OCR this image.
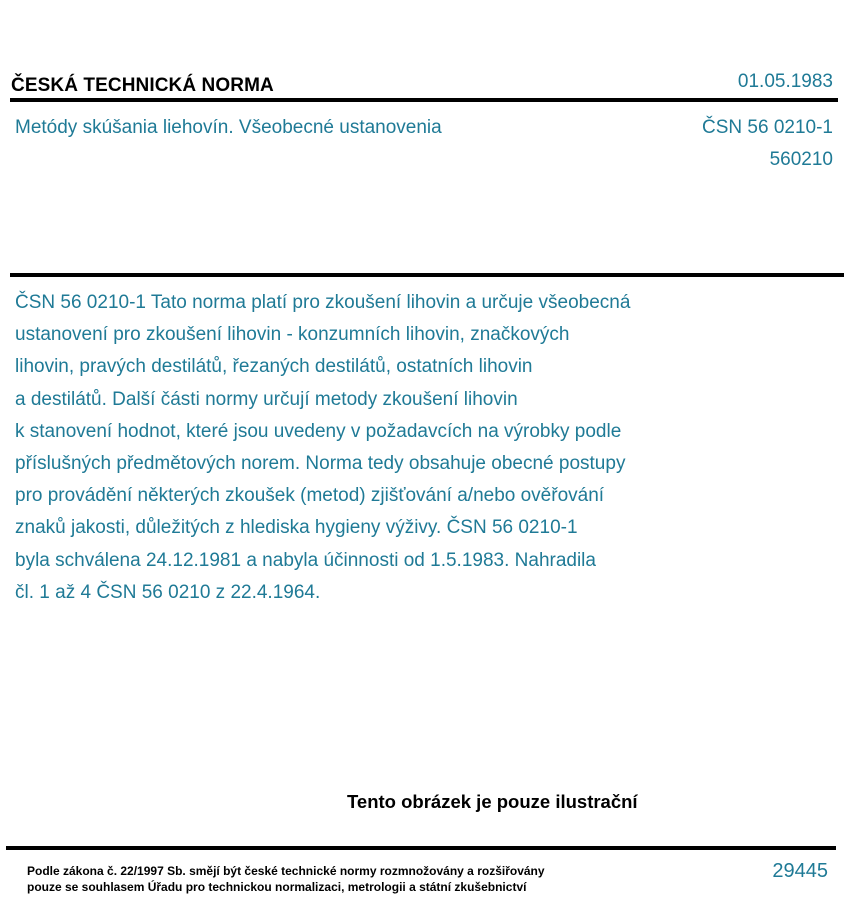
ČESKÁ TECHNICKÁ NORMA	01.05.1983
Metódy skúšania liehovín. Všeobecné ustanovenia	ČSN 56 0210-1
560210
ČSN 56 0210-1 Tato norma platí pro zkoušení lihovin a určuje všeobecná
ustanovení pro zkoušení lihovin - konzumních lihovin, značkových
lihovin, pravých destilátů, řezaných destilátů, ostatních lihovin
a destilátů. Další části normy určují metody zkoušení lihovin
k stanovení hodnot, které jsou uvedeny v požadavcích na výrobky podle
příslušných předmětových norem. Norma tedy obsahuje obecné postupy
pro provádění některých zkoušek (metod) zjišťování a/nebo ověřování
znaků jakosti, důležitých z hlediska hygieny výživy. ČSN 56 0210-1
byla schválena 24.12.1981 a nabyla účinnosti od 1.5.1983. Nahradila
čl. 1 až 4 ČSN 56 0210 z 22.4.1964.
Tento obrázek je pouze ilustrační
Podle zákona č. 22/1997 Sb. smějí být české technické normy rozmnožovány a rozšiřovány
pouze se souhlasem Úřadu pro technickou normalizaci, metrologii a státní zkušebnictví
29445
